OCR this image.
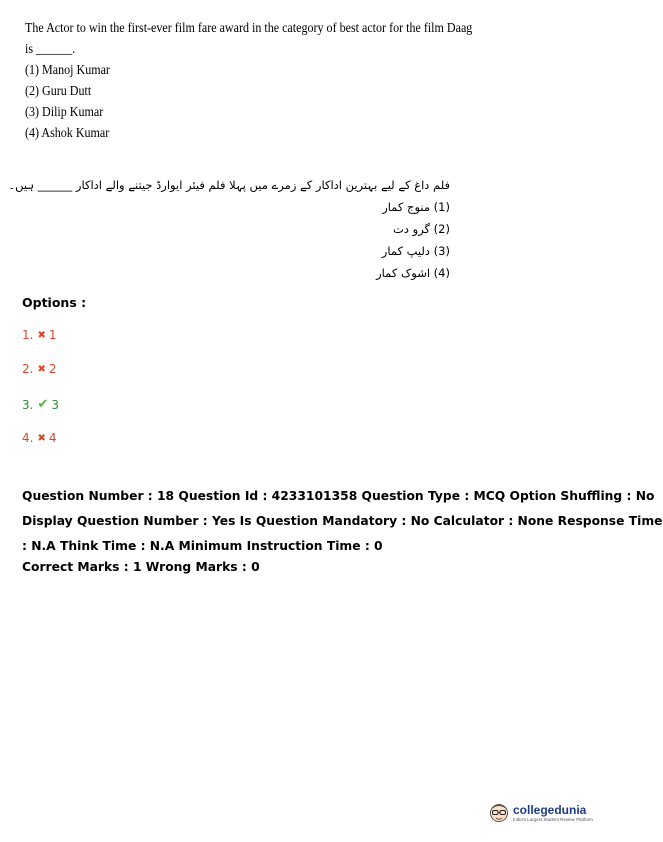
The Actor to win the first-ever film fare award in the category of best actor for the film Daag
is ______.
(1) Manoj Kumar
(2) Guru Dutt
(3) Dilip Kumar
(4) Ashok Kumar
فلم داغ کے لیے بہترین اداکار کے زمرے میں پہلا فلم فیئر ایوارڈ جیتنے والے اداکار ______ ہیں۔
(1) منوج کمار
(2) گرو دت
(3) دلیپ کمار
(4) اشوک کمار
Options :
1. ✖ 1
2. ✖ 2
3. ✔ 3
4. ✖ 4
Question Number : 18 Question Id : 4233101358 Question Type : MCQ Option Shuffling : No
Display Question Number : Yes Is Question Mandatory : No Calculator : None Response Time
: N.A Think Time : N.A Minimum Instruction Time : 0
Correct Marks : 1 Wrong Marks : 0
collegedunia
India's Largest Student Review Platform
